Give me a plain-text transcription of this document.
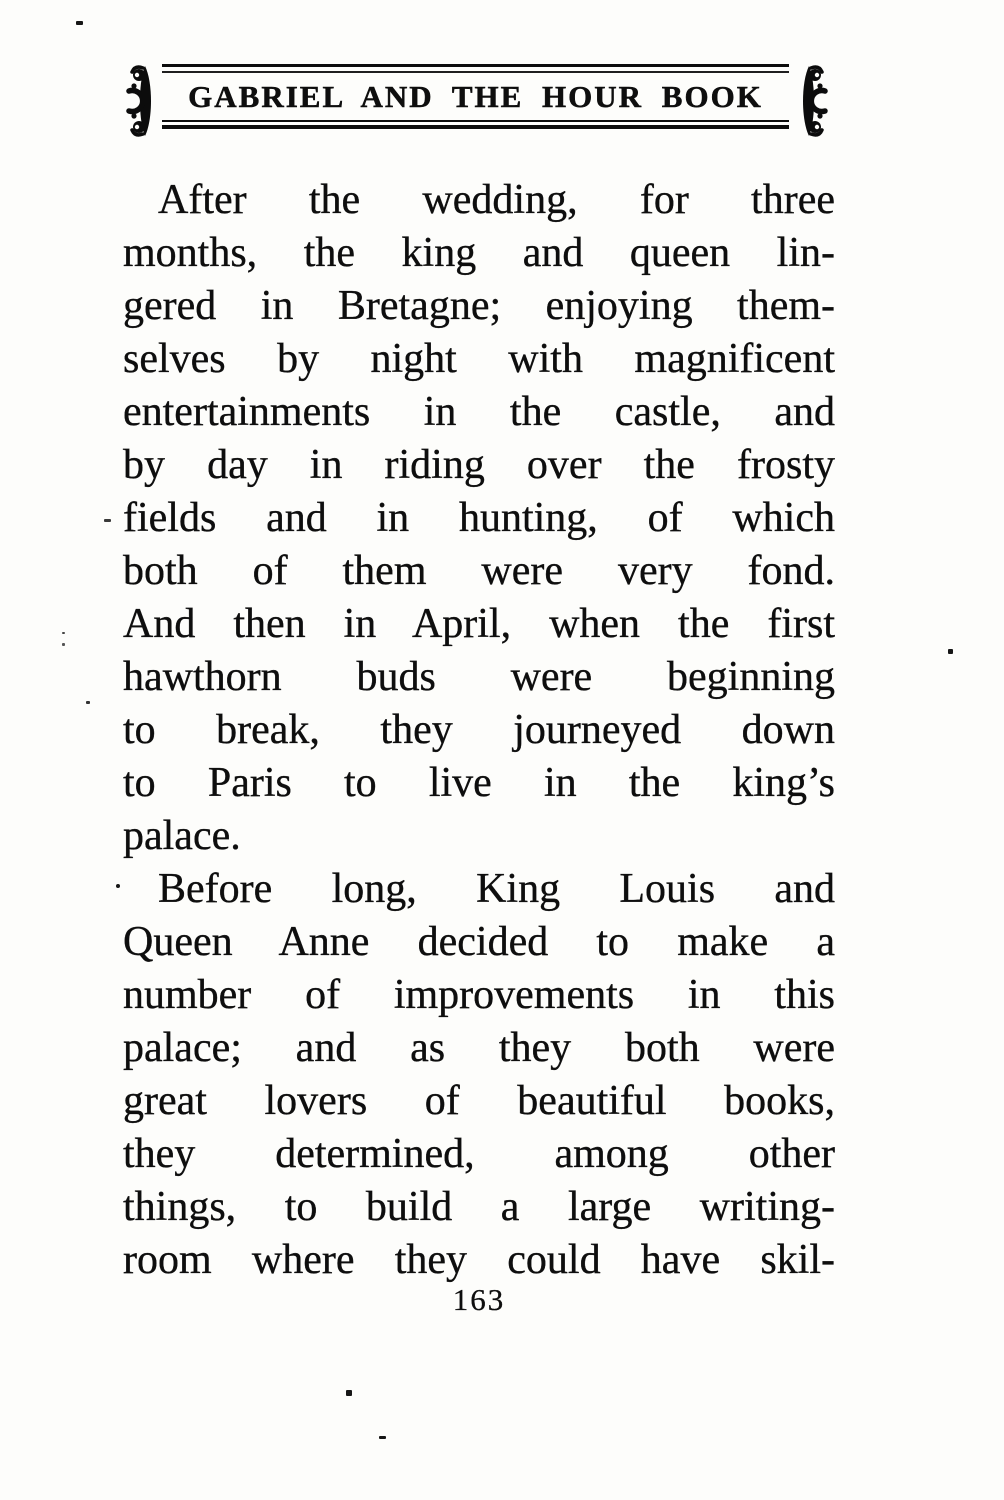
GABRIEL AND THE HOUR BOOK
After the wedding, for three
months, the king and queen lin-
gered in Bretagne; enjoying them-
selves by night with magnificent
entertainments in the castle, and
by day in riding over the frosty
fields and in hunting, of which
both of them were very fond.
And then in April, when the first
hawthorn buds were beginning
to break, they journeyed down
to Paris to live in the king’s
palace.
Before long, King Louis and
Queen Anne decided to make a
number of improvements in this
palace; and as they both were
great lovers of beautiful books,
they determined, among other
things, to build a large writing-
room where they could have skil-
163
